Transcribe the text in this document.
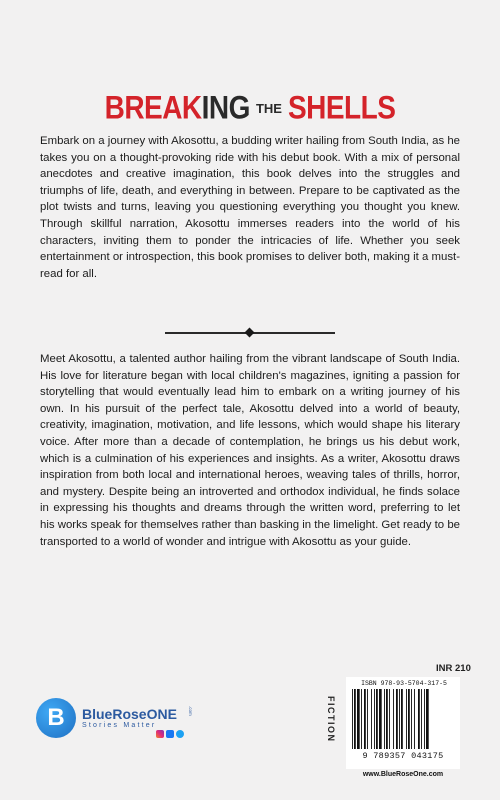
BREAKING THE SHELLS

Embark on a journey with Akosottu, a budding writer hailing from South India, as he takes you on a thought-provoking ride with his debut book. With a mix of personal anecdotes and creative imagination, this book delves into the struggles and triumphs of life, death, and everything in between. Prepare to be captivated as the plot twists and turns, leaving you questioning everything you thought you knew. Through skillful narration, Akosottu immerses readers into the world of his characters, inviting them to ponder the intricacies of life. Whether you seek entertainment or introspection, this book promises to deliver both, making it a must-read for all.

Meet Akosottu, a talented author hailing from the vibrant landscape of South India. His love for literature began with local children's magazines, igniting a passion for storytelling that would eventually lead him to embark on a writing journey of his own. In his pursuit of the perfect tale, Akosottu delved into a world of beauty, creativity, imagination, motivation, and life lessons, which would shape his literary voice. After more than a decade of contemplation, he brings us his debut work, which is a culmination of his experiences and insights. As a writer, Akosottu draws inspiration from both local and international heroes, weaving tales of thrills, horror, and mystery. Despite being an introverted and orthodox individual, he finds solace in expressing his thoughts and dreams through the written word, preferring to let his works speak for themselves rather than basking in the limelight. Get ready to be transported to a world of wonder and intrigue with Akosottu as your guide.

B	BlueRoseONE .com
Stories Matter
INR 210
FICTION
ISBN 978-93-5704-317-5
9 789357 043175
www.BlueRoseOne.com
